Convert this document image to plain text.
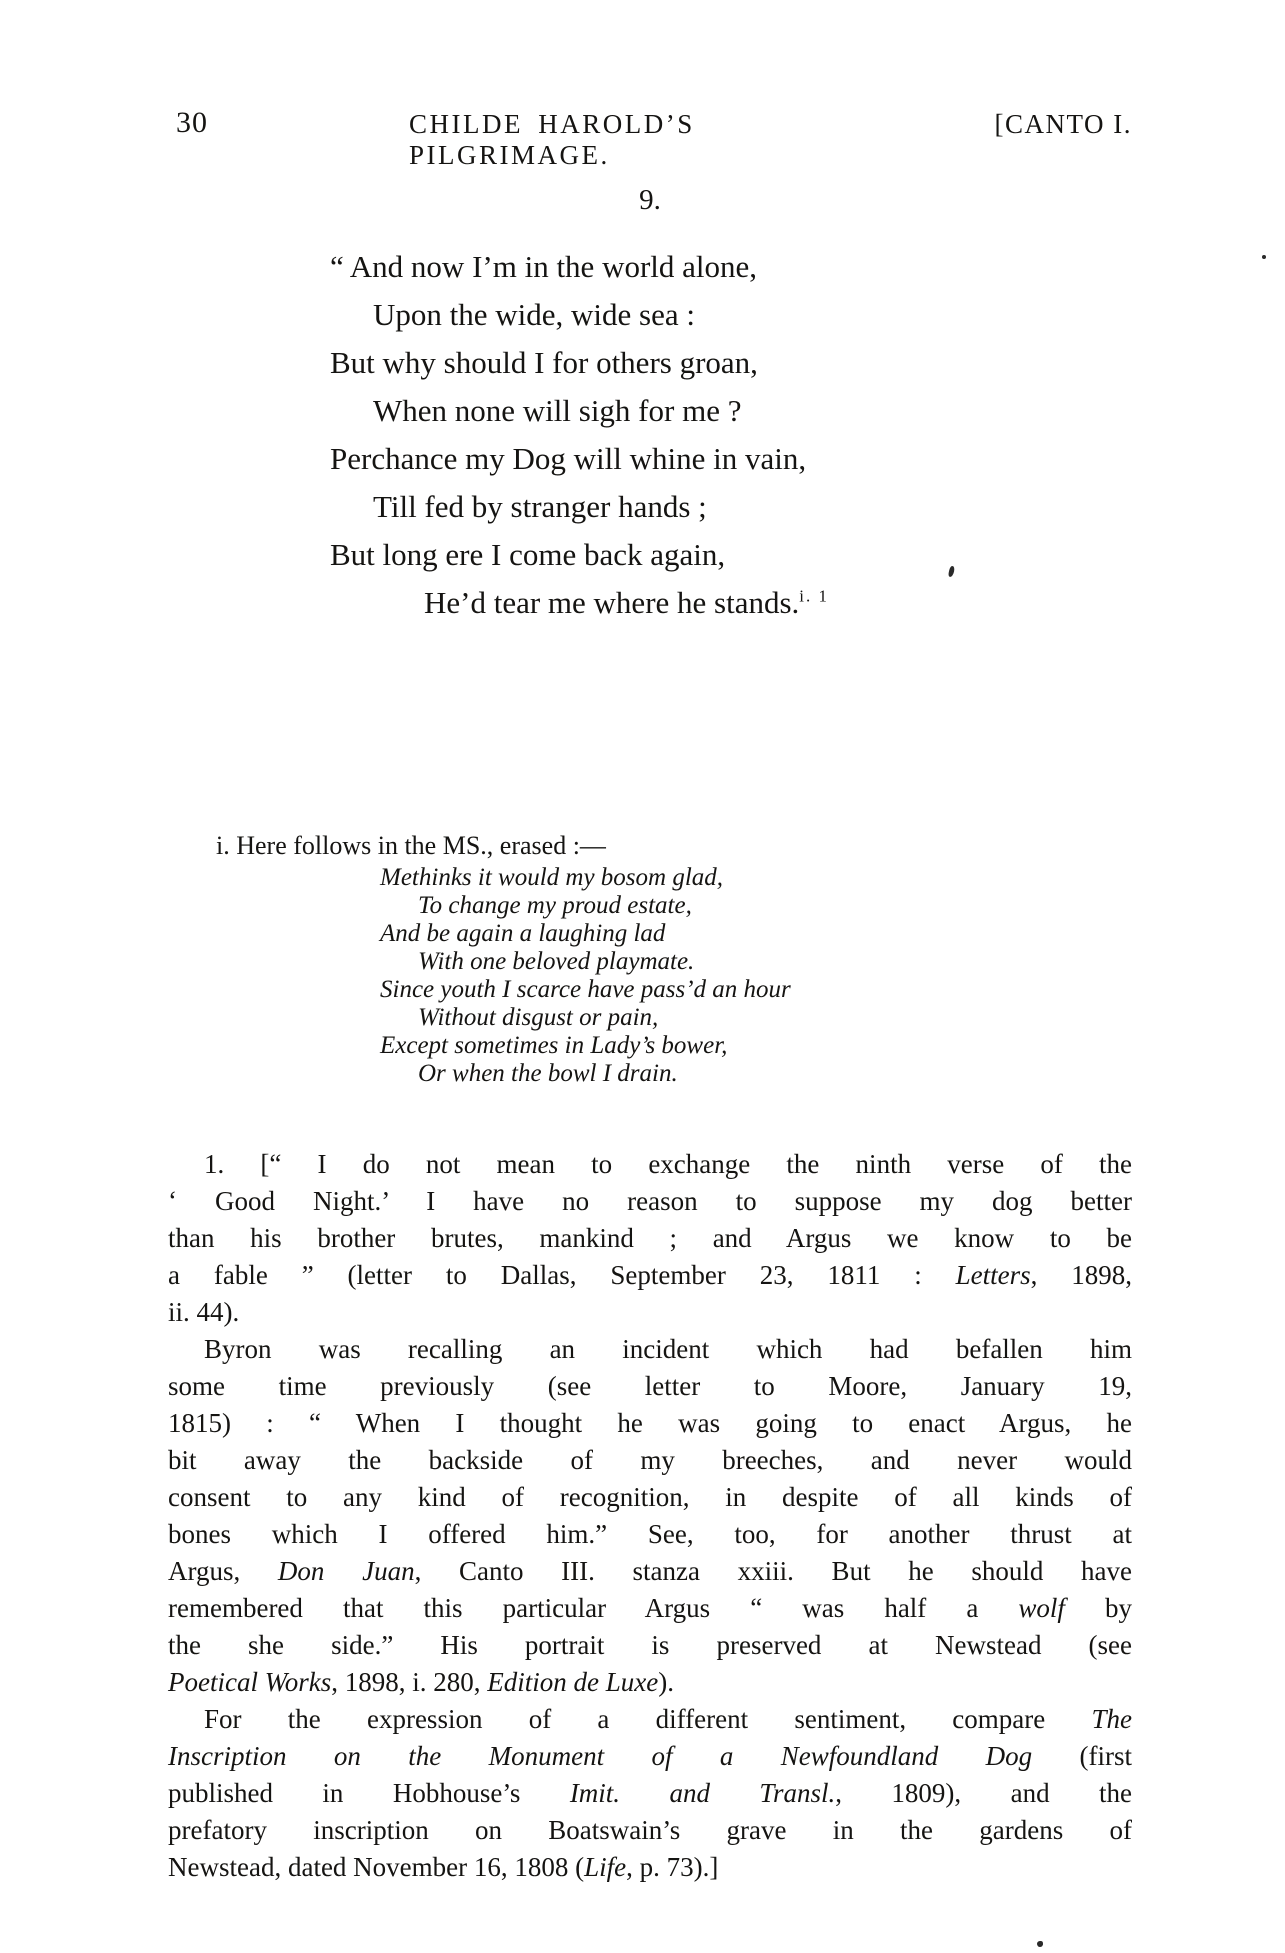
30	CHILDE HAROLD’S PILGRIMAGE.
[CANTO I.
9.
“ And now I’m in the world alone,
Upon the wide, wide sea :
But why should I for others groan,
When none will sigh for me ?
Perchance my Dog will whine in vain,
Till fed by stranger hands ;
But long ere I come back again,
He’d tear me where he stands.$^{i. 1}$
i. Here follows in the MS., erased :—
Methinks it would my bosom glad,
To change my proud estate,
And be again a laughing lad
With one beloved playmate.
Since youth I scarce have pass’d an hour
Without disgust or pain,
Except sometimes in Lady’s bower,
Or when the bowl I drain.
1. [“ I do not mean to exchange the ninth verse of the
‘ Good Night.’ I have no reason to suppose my dog better
than his brother brutes, mankind ; and Argus we know to be
a fable ” (letter to Dallas, September 23, 1811 : Letters, 1898,
ii. 44).
Byron was recalling an incident which had befallen him
some time previously (see letter to Moore, January 19,
1815) : “ When I thought he was going to enact Argus, he
bit away the backside of my breeches, and never would
consent to any kind of recognition, in despite of all kinds of
bones which I offered him.” See, too, for another thrust at
Argus, Don Juan, Canto III. stanza xxiii. But he should have
remembered that this particular Argus “ was half a wolf by
the she side.” His portrait is preserved at Newstead (see
Poetical Works, 1898, i. 280, Edition de Luxe).
For the expression of a different sentiment, compare The
Inscription on the Monument of a Newfoundland Dog (first
published in Hobhouse’s Imit. and Transl., 1809), and the
prefatory inscription on Boatswain’s grave in the gardens of
Newstead, dated November 16, 1808 (Life, p. 73).]
